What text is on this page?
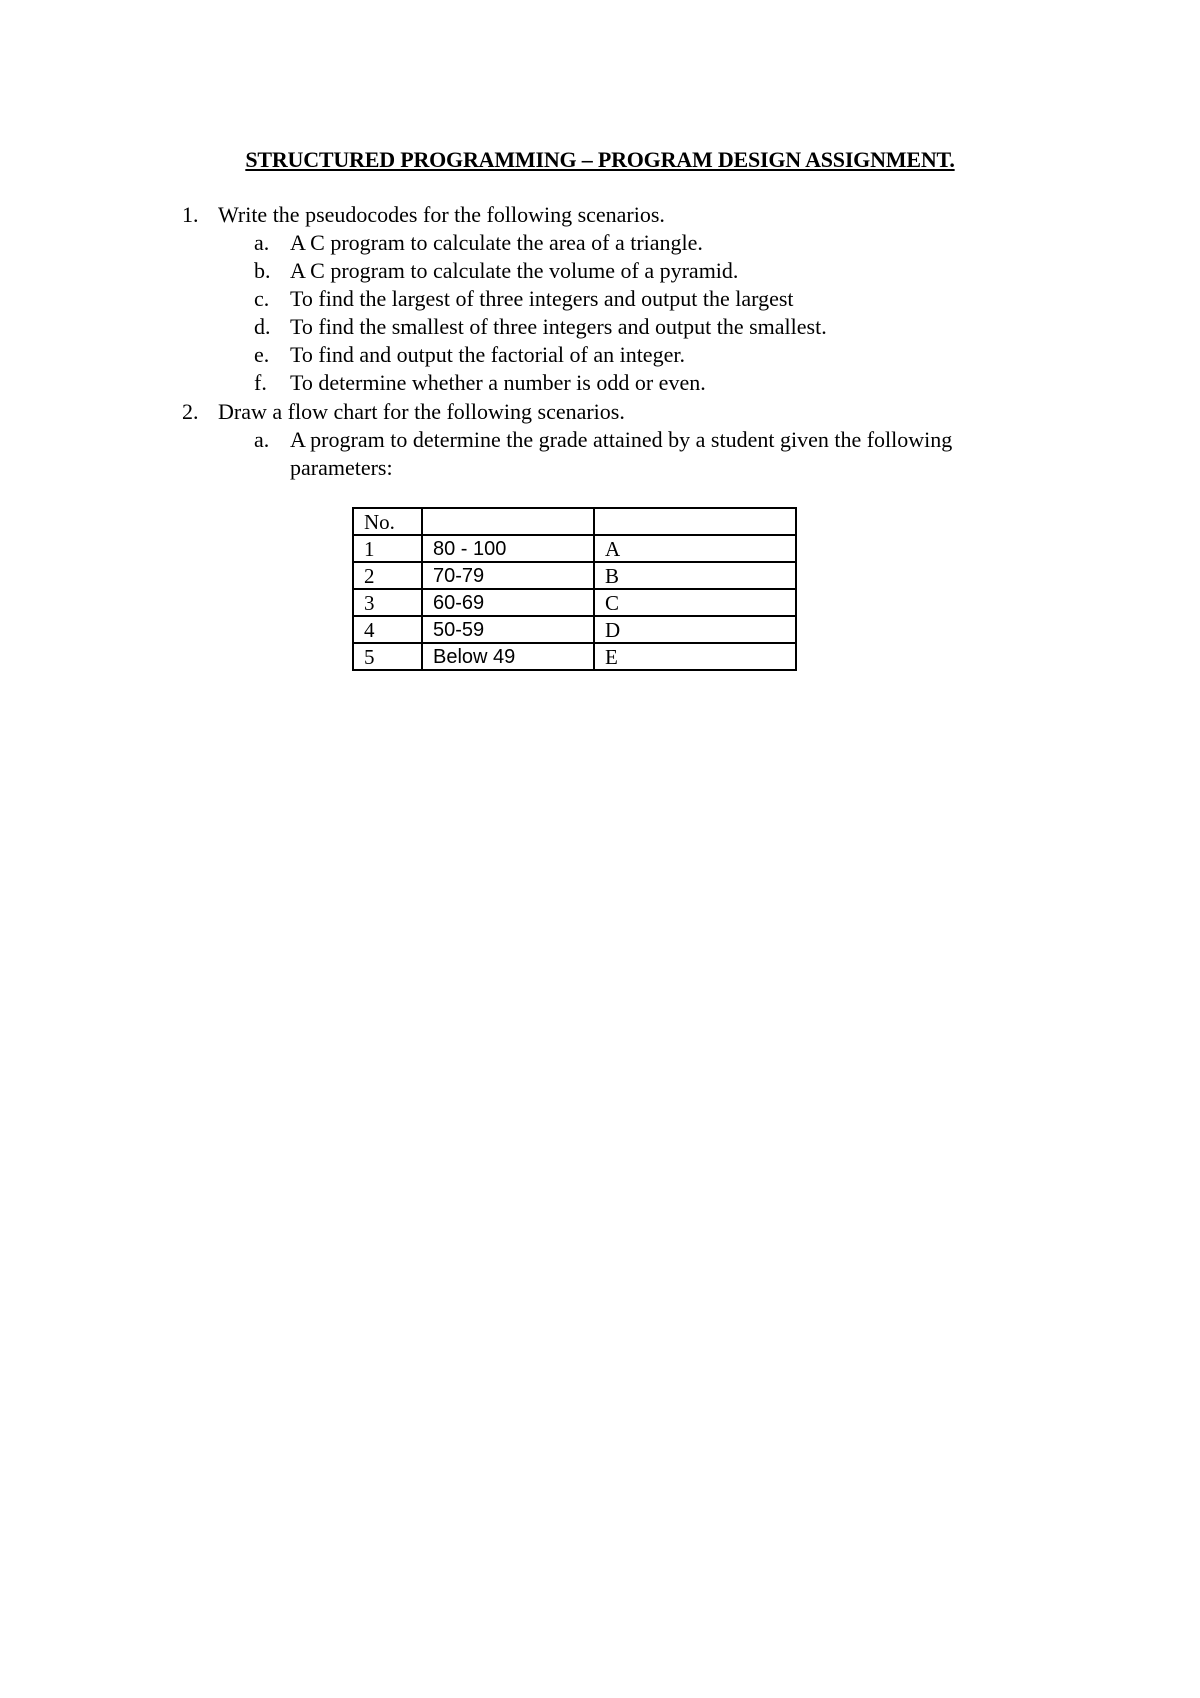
STRUCTURED PROGRAMMING – PROGRAM DESIGN ASSIGNMENT.
1. Write the pseudocodes for the following scenarios.
a. A C program to calculate the area of a triangle.
b. A C program to calculate the volume of a pyramid.
c. To find the largest of three integers and output the largest
d. To find the smallest of three integers and output the smallest.
e. To find and output the factorial of an integer.
f. To determine whether a number is odd or even.
2. Draw a flow chart for the following scenarios.
a. A program to determine the grade attained by a student given the following
parameters:
No.		
1	80 - 100	A
2	70-79	B
3	60-69	C
4	50-59	D
5	Below 49	E
